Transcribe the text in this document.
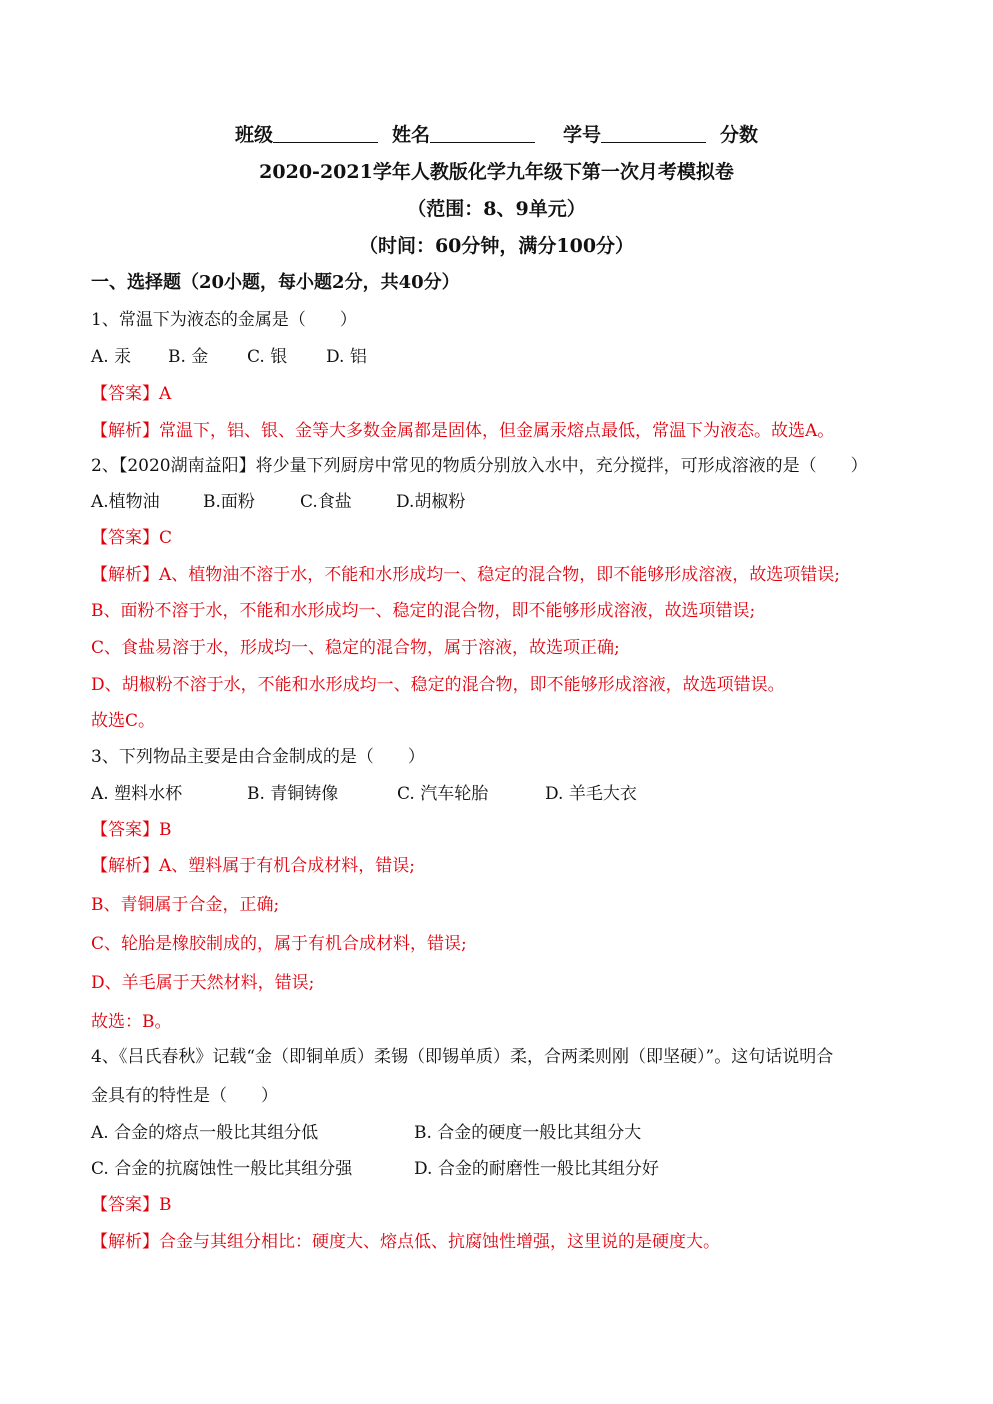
班级	姓名	学号	分数
2020-2021学年人教版化学九年级下第一次月考模拟卷
（范围：8、9单元）
（时间：60分钟，满分100分）
一、选择题（20小题，每小题2分，共40分）
1、常温下为液态的金属是（　　）
A. 汞 B. 金 C. 银 D. 铝
【答案】A
【解析】常温下，铝、银、金等大多数金属都是固体，但金属汞熔点最低，常温下为液态。故选A。
2、【2020湖南益阳】将少量下列厨房中常见的物质分别放入水中，充分搅拌，可形成溶液的是（　　）
A.植物油	B.面粉	C.食盐	D.胡椒粉
【答案】C
【解析】A、植物油不溶于水，不能和水形成均一、稳定的混合物，即不能够形成溶液，故选项错误;
B、面粉不溶于水，不能和水形成均一、稳定的混合物，即不能够形成溶液，故选项错误;
C、食盐易溶于水，形成均一、稳定的混合物，属于溶液，故选项正确;
D、胡椒粉不溶于水，不能和水形成均一、稳定的混合物，即不能够形成溶液，故选项错误。
故选C。
3、下列物品主要是由合金制成的是（　　）
A. 塑料水杯	B. 青铜铸像	C. 汽车轮胎	D. 羊毛大衣
【答案】B
【解析】A、塑料属于有机合成材料，错误;
B、青铜属于合金，正确;
C、轮胎是橡胶制成的，属于有机合成材料，错误;
D、羊毛属于天然材料，错误;
故选：B。
4、《吕氏春秋》记载“金（即铜单质）柔锡（即锡单质）柔，合两柔则刚（即坚硬）”。这句话说明合
金具有的特性是（　　）
A. 合金的熔点一般比其组分低	B. 合金的硬度一般比其组分大
C. 合金的抗腐蚀性一般比其组分强	D. 合金的耐磨性一般比其组分好
【答案】B
【解析】合金与其组分相比：硬度大、熔点低、抗腐蚀性增强，这里说的是硬度大。
